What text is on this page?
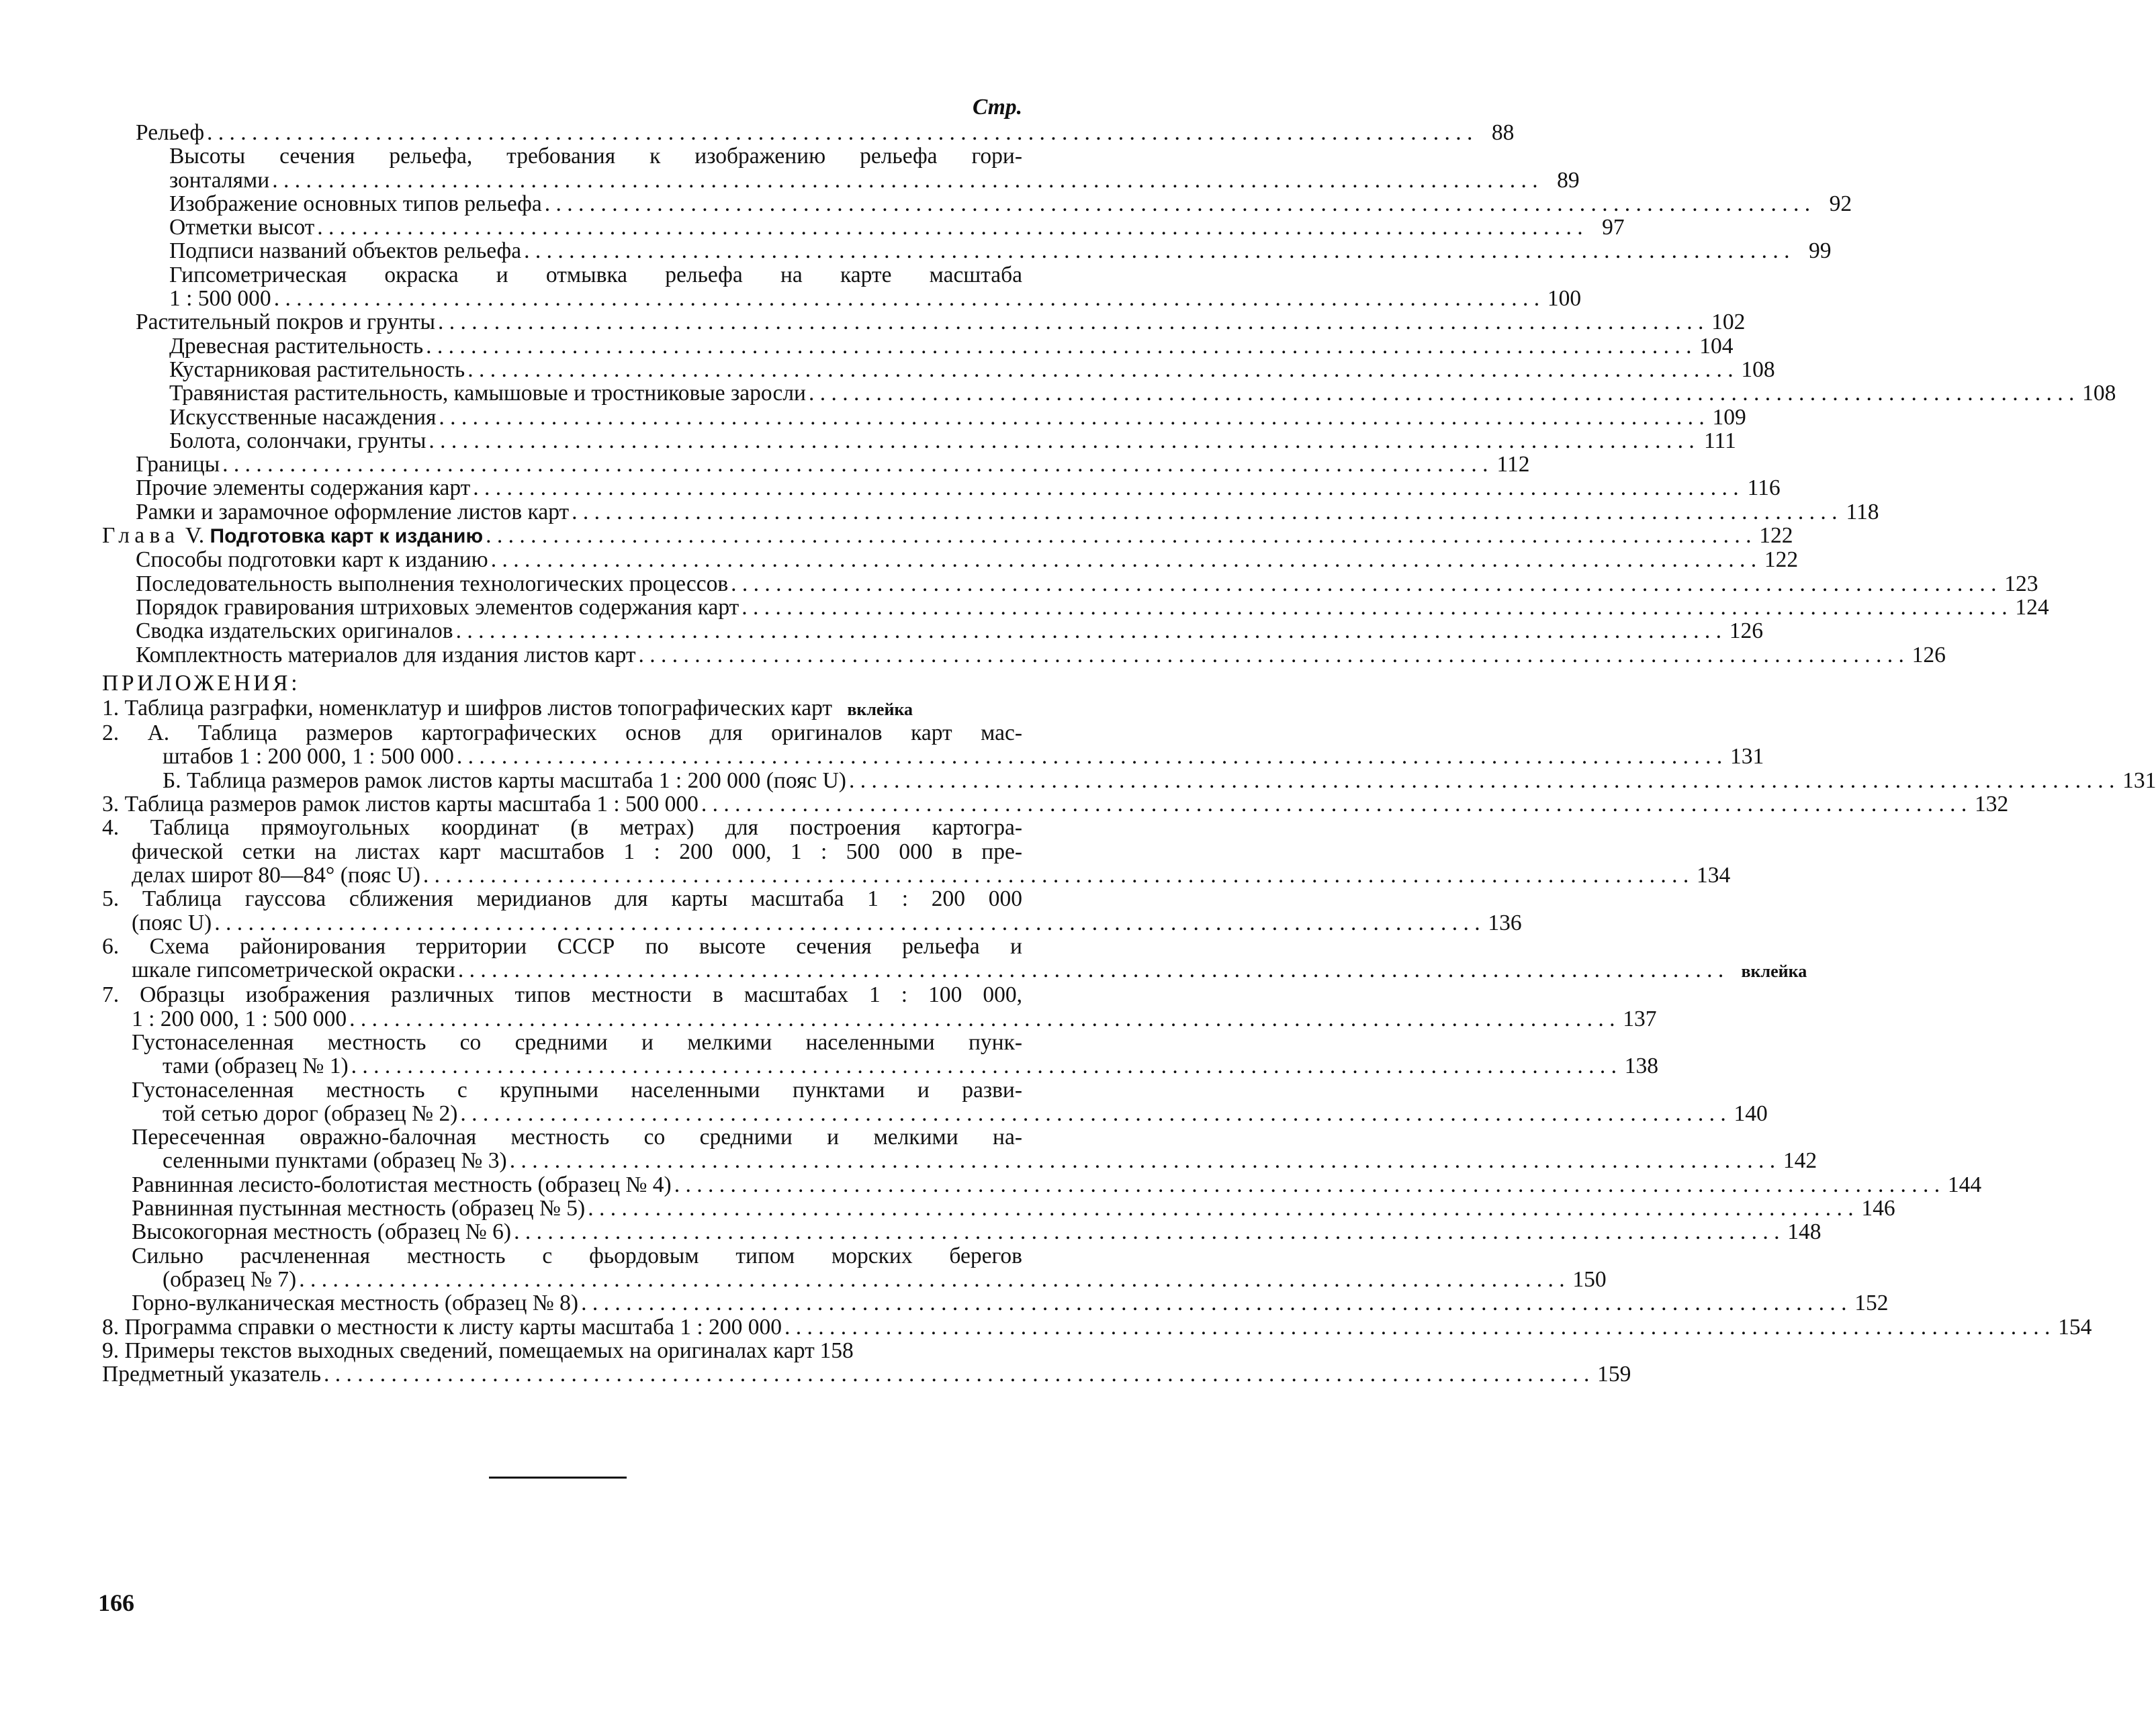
Стр.
Рельеф . . .	88
Высоты сечения рельефа, требования к изображению рельефа гори-
зонталями . . .	89
Изображение основных типов рельефа . . .	92
Отметки высот . . .	97
Подписи названий объектов рельефа . . .	99
Гипсометрическая окраска и отмывка рельефа на карте масштаба
1 : 500 000 . . .	100
Растительный покров и грунты . . .	102
Древесная растительность . . .	104
Кустарниковая растительность . . .	108
Травянистая растительность, камышовые и тростниковые заросли . . .	108
Искусственные насаждения . . .	109
Болота, солончаки, грунты . . .	111
Границы . . .	112
Прочие элементы содержания карт . . .	116
Рамки и зарамочное оформление листов карт . . .	118
Глава V. Подготовка карт к изданию . . .	122
Способы подготовки карт к изданию . . .	122
Последовательность выполнения технологических процессов . . .	123
Порядок гравирования штриховых элементов содержания карт . . .	124
Сводка издательских оригиналов . . .	126
Комплектность материалов для издания листов карт . . .	126
ПРИЛОЖЕНИЯ:
1. Таблица разграфки, номенклатур и шифров листов топографических карт вклейка
2. А. Таблица размеров картографических основ для оригиналов карт мас-
штабов 1 : 200 000, 1 : 500 000 . . .	131
Б. Таблица размеров рамок листов карты масштаба 1 : 200 000 (пояс U) . . .	131
3. Таблица размеров рамок листов карты масштаба 1 : 500 000 . . .	132
4. Таблица прямоугольных координат (в метрах) для построения картогра-
фической сетки на листах карт масштабов 1 : 200 000, 1 : 500 000 в пре-
делах широт 80—84° (пояс U) . . .	134
5. Таблица гауссова сближения меридианов для карты масштаба 1 : 200 000
(пояс U) . . .	136
6. Схема районирования территории СССР по высоте сечения рельефа и
шкале гипсометрической окраски . . .	вклейка
7. Образцы изображения различных типов местности в масштабах 1 : 100 000,
1 : 200 000, 1 : 500 000 . . .	137
Густонаселенная местность со средними и мелкими населенными пунк-
тами (образец № 1) . . .	138
Густонаселенная местность с крупными населенными пунктами и разви-
той сетью дорог (образец № 2) . . .	140
Пересеченная овражно-балочная местность со средними и мелкими на-
селенными пунктами (образец № 3) . . .	142
Равнинная лесисто-болотистая местность (образец № 4) . . .	144
Равнинная пустынная местность (образец № 5) . . .	146
Высокогорная местность (образец № 6) . . .	148
Сильно расчлененная местность с фьордовым типом морских берегов
(образец № 7) . . .	150
Горно-вулканическая местность (образец № 8) . . .	152
8. Программа справки о местности к листу карты масштаба 1 : 200 000 . . .	154
9. Примеры текстов выходных сведений, помещаемых на оригиналах карт 158
Предметный указатель . . .	159
166
